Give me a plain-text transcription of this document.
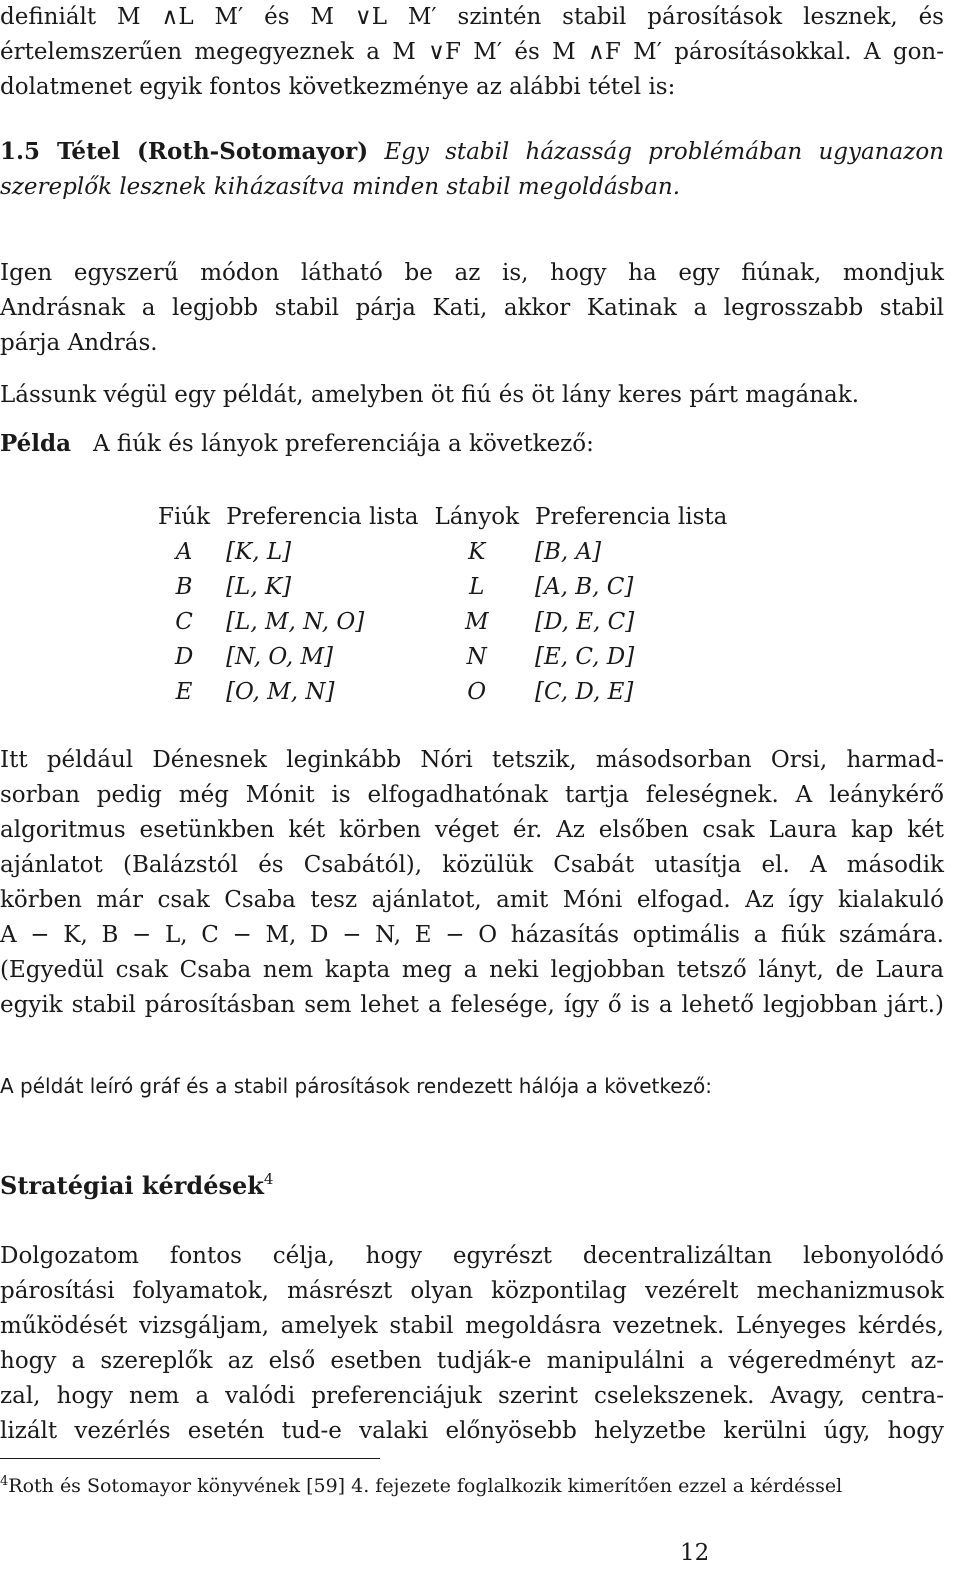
definiált M ∧L M′ és M ∨L M′ szintén stabil párosítások lesznek, és
értelemszerűen megegyeznek a M ∨F M′ és M ∧F M′ párosításokkal. A gon-
dolatmenet egyik fontos következménye az alábbi tétel is:

1.5 Tétel (Roth-Sotomayor) Egy stabil házasság problémában ugyanazon
szereplők lesznek kiházasítva minden stabil megoldásban.

Igen egyszerű módon látható be az is, hogy ha egy fiúnak, mondjuk
Andrásnak a legjobb stabil párja Kati, akkor Katinak a legrosszabb stabil
párja András.

Lássunk végül egy példát, amelyben öt fiú és öt lány keres párt magának.

Példa A fiúk és lányok preferenciája a következő:

Fiúk	Preferencia lista	Lányok	Preferencia lista
A	[K, L]	K	[B, A]
B	[L, K]	L	[A, B, C]
C	[L, M, N, O]	M	[D, E, C]
D	[N, O, M]	N	[E, C, D]
E	[O, M, N]	O	[C, D, E]

Itt például Dénesnek leginkább Nóri tetszik, másodsorban Orsi, harmad-
sorban pedig még Mónit is elfogadhatónak tartja feleségnek. A leánykérő
algoritmus esetünkben két körben véget ér. Az elsőben csak Laura kap két
ajánlatot (Balázstól és Csabától), közülük Csabát utasítja el. A második
körben már csak Csaba tesz ajánlatot, amit Móni elfogad. Az így kialakuló
A − K, B − L, C − M, D − N, E − O házasítás optimális a fiúk számára.
(Egyedül csak Csaba nem kapta meg a neki legjobban tetsző lányt, de Laura
egyik stabil párosításban sem lehet a felesége, így ő is a lehető legjobban járt.)

A példát leíró gráf és a stabil párosítások rendezett hálója a következő:
Stratégiai kérdések$^4$

Dolgozatom fontos célja, hogy egyrészt decentralizáltan lebonyolódó
párosítási folyamatok, másrészt olyan központilag vezérelt mechanizmusok
működését vizsgáljam, amelyek stabil megoldásra vezetnek. Lényeges kérdés,
hogy a szereplők az első esetben tudják-e manipulálni a végeredményt az-
zal, hogy nem a valódi preferenciájuk szerint cselekszenek. Avagy, centra-
lizált vezérlés esetén tud-e valaki előnyösebb helyzetbe kerülni úgy, hogy

$^4$Roth és Sotomayor könyvének [59] 4. fejezete foglalkozik kimerítően ezzel a kérdéssel
12
